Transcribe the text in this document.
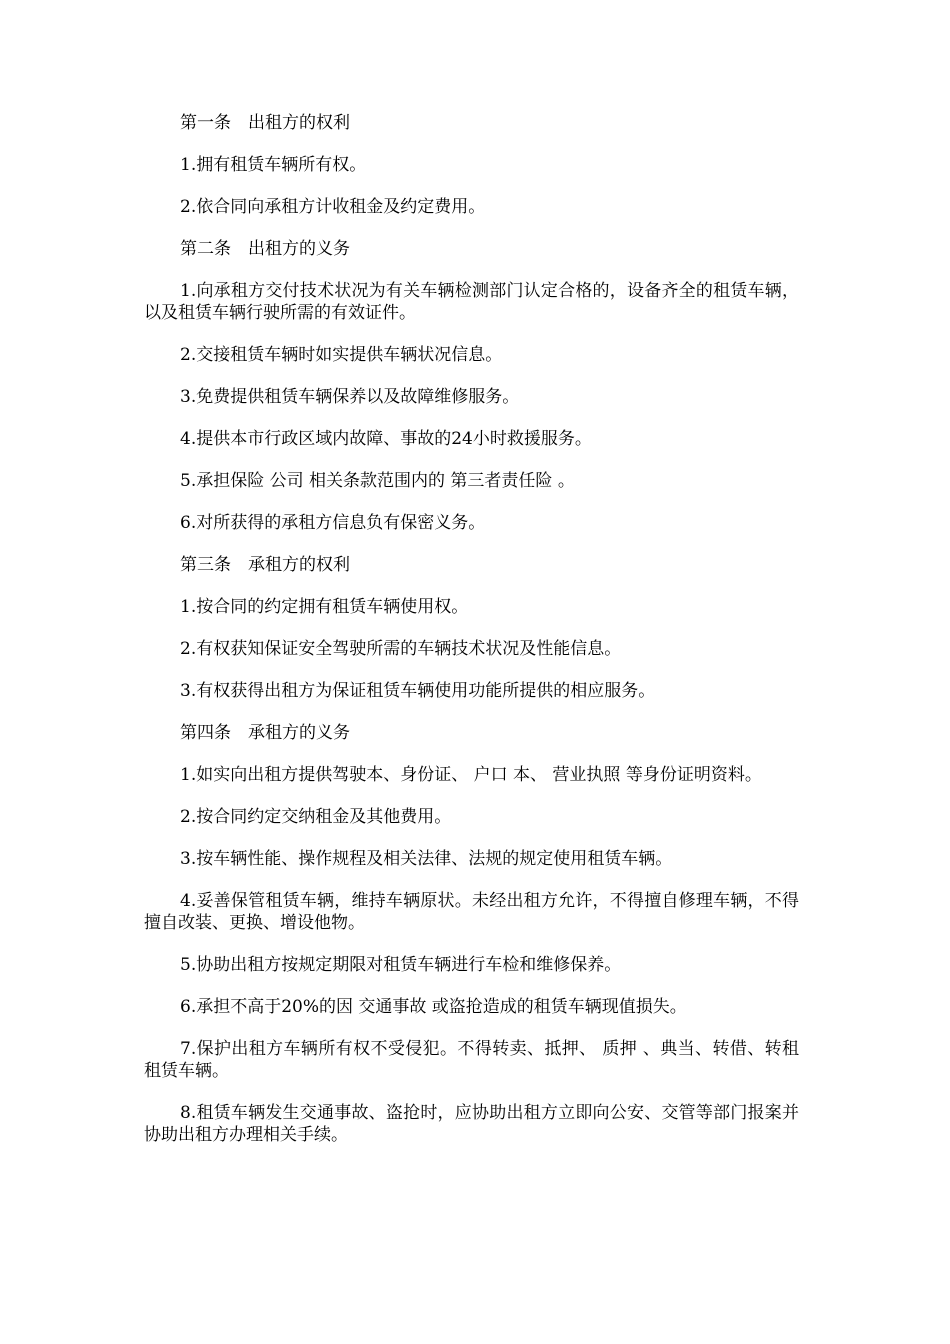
第一条　出租方的权利

1.拥有租赁车辆所有权。

2.依合同向承租方计收租金及约定费用。

第二条　出租方的义务

1.向承租方交付技术状况为有关车辆检测部门认定合格的，设备齐全的租赁车辆，以及租赁车辆行驶所需的有效证件。

2.交接租赁车辆时如实提供车辆状况信息。

3.免费提供租赁车辆保养以及故障维修服务。

4.提供本市行政区域内故障、事故的24小时救援服务。

5.承担保险 公司 相关条款范围内的 第三者责任险 。

6.对所获得的承租方信息负有保密义务。

第三条　承租方的权利

1.按合同的约定拥有租赁车辆使用权。

2.有权获知保证安全驾驶所需的车辆技术状况及性能信息。

3.有权获得出租方为保证租赁车辆使用功能所提供的相应服务。

第四条　承租方的义务

1.如实向出租方提供驾驶本、身份证、 户口 本、 营业执照 等身份证明资料。

2.按合同约定交纳租金及其他费用。

3.按车辆性能、操作规程及相关法律、法规的规定使用租赁车辆。

4.妥善保管租赁车辆，维持车辆原状。未经出租方允许，不得擅自修理车辆，不得擅自改装、更换、增设他物。

5.协助出租方按规定期限对租赁车辆进行车检和维修保养。

6.承担不高于20%的因 交通事故 或盗抢造成的租赁车辆现值损失。

7.保护出租方车辆所有权不受侵犯。不得转卖、抵押、 质押 、典当、转借、转租租赁车辆。

8.租赁车辆发生交通事故、盗抢时，应协助出租方立即向公安、交管等部门报案并协助出租方办理相关手续。
